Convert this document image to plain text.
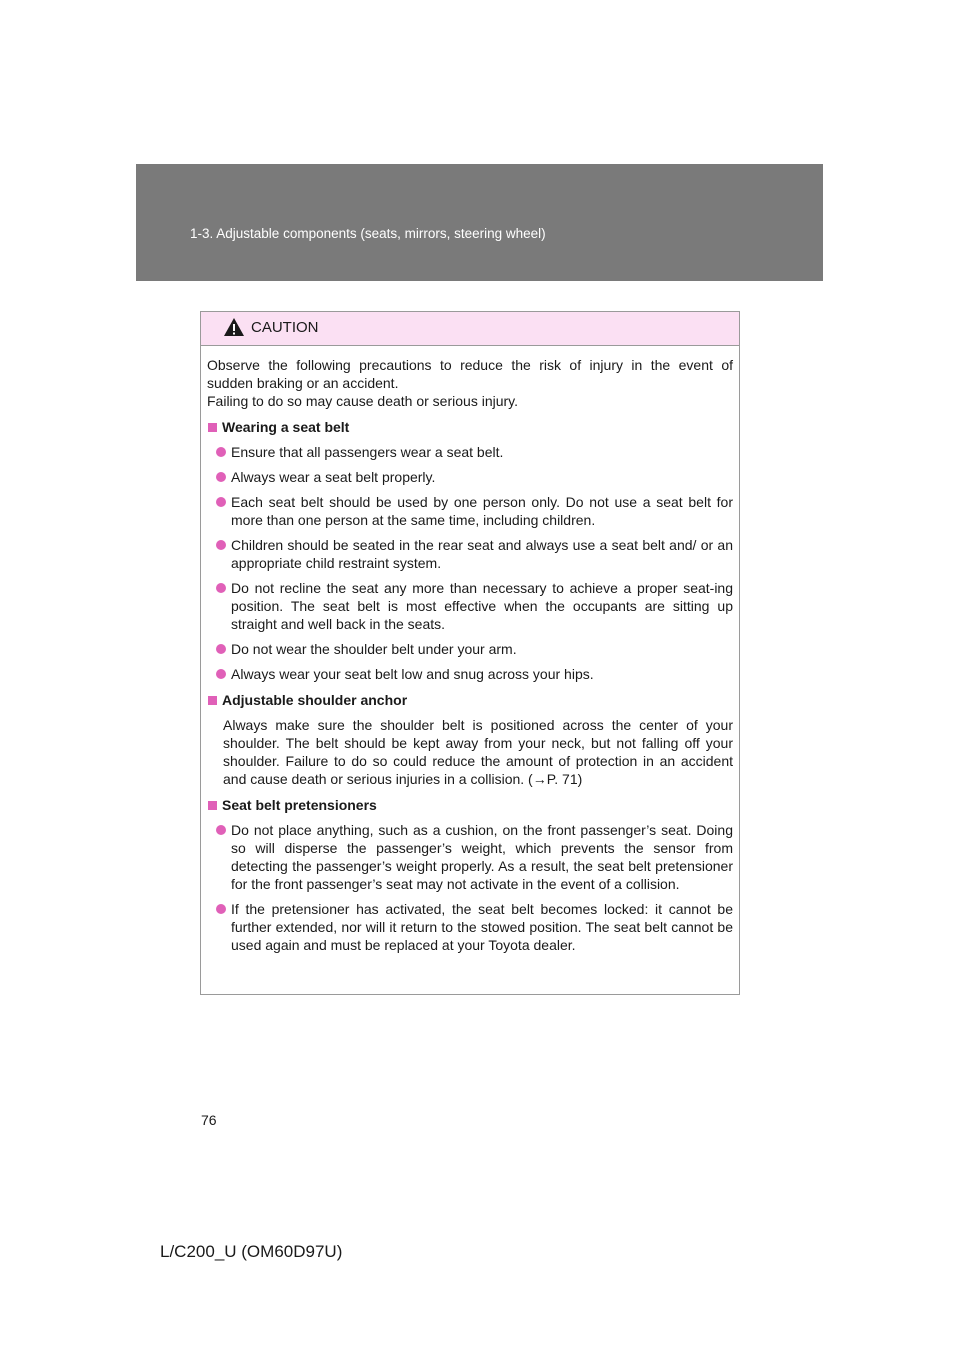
1-3. Adjustable components (seats, mirrors, steering wheel)
CAUTION

Observe the following precautions to reduce the risk of injury in the event of

sudden braking or an accident.

Failing to do so may cause death or serious injury.

Wearing a seat belt
Ensure that all passengers wear a seat belt.
Always wear a seat belt properly.
Each seat belt should be used by one person only. Do not use a seat belt for more than one person at the same time, including children.
Children should be seated in the rear seat and always use a seat belt and/ or an appropriate child restraint system.
Do not recline the seat any more than necessary to achieve a proper seat-ing position. The seat belt is most effective when the occupants are sitting up straight and well back in the seats.
Do not wear the shoulder belt under your arm.
Always wear your seat belt low and snug across your hips.
Adjustable shoulder anchor
Always make sure the shoulder belt is positioned across the center of your shoulder. The belt should be kept away from your neck, but not falling off your shoulder. Failure to do so could reduce the amount of protection in an accident and cause death or serious injuries in a collision. (→P. 71)
Seat belt pretensioners
Do not place anything, such as a cushion, on the front passenger’s seat. Doing so will disperse the passenger’s weight, which prevents the sensor from detecting the passenger’s weight properly. As a result, the seat belt pretensioner for the front passenger’s seat may not activate in the event of a collision.
If the pretensioner has activated, the seat belt becomes locked: it cannot be further extended, nor will it return to the stowed position. The seat belt cannot be used again and must be replaced at your Toyota dealer.
76
L/C200_U (OM60D97U)
